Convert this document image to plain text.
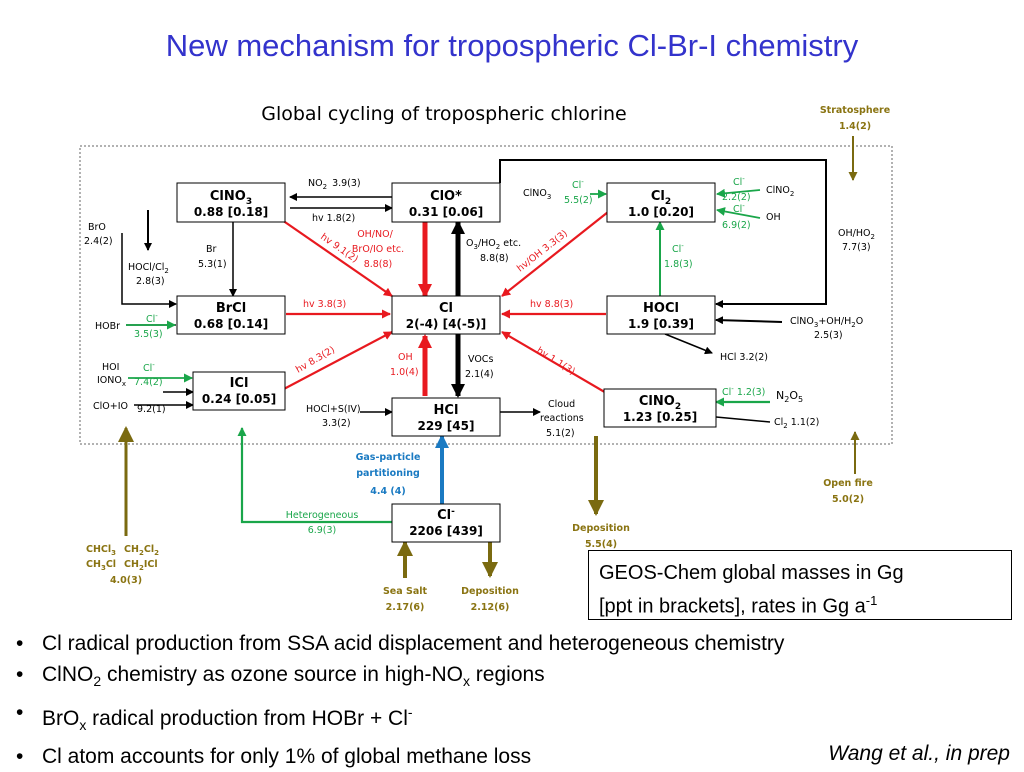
New mechanism for tropospheric Cl-Br-I chemistry
Global cycling of tropospheric chlorine
ClNO$_3$
0.88 [0.18]
ClO*
0.31 [0.06]
$Cl_2$
1.0 [0.20]
BrCl
0.68 [0.14]
Cl
2(-4) [4(-5)]
HOCl
1.9 [0.39]
ICl
0.24 [0.05]
HCl
229 [45]
ClNO$_2$
1.23 [0.25]
Cl-
2206 [439]
$NO_2$ 3.9(3)
hv 1.8(2)
BrO
2.4(2)
Br
5.3(1)
HOCl/$Cl_2$
2.8(3)
hv 9.1(2)
OH/NO/
BrO/IO etc.
8.8(8)
$O_3/HO_2$ etc.
8.8(8) hv/OH 3.3(3)
ClNO$_3$
Cl-
5.5(2)
Cl-
ClNO$_2$
2.2(2)
Cl-
OH
6.9(2)
Cl-
1.8(3)
$OH/HO_2$
7.7(3)
Stratosphere
1.4(2)
HOBr
Cl-
3.5(3)
hv 3.8(3)	hv 8.8(3)
$ClNO_3+OH/H_2O$
2.5(3)
HCl 3.2(2)
HOI
$IONO_x$
Cl-
7.4(2)
ClO+IO 9.2(1)
hv 8.3(2)	OH
1.0(4)
VOCs
2.1(4)	hv 1.1(3)
HOCl+S(IV)
3.3(2)
Cloud
reactions
5.1(2)
Cl- 1.2(3) $N_2O_5$
$Cl_2$ 1.1(2)
Gas-particle
partitioning
4.4 (4)
Heterogeneous
6.9(3)	Deposition
5.5(4)
Open fire
5.0(2)
CHCl$_3$ $CH_2Cl_2$
$CH_3Cl$ $CH_2ICl$
4.0(3)
Sea Salt
2.17(6)
Deposition
2.12(6)
GEOS-Chem global masses in Gg
[ppt in brackets], rates in Gg $a^{-1}$
• Cl radical production from SSA acid displacement and heterogeneous chemistry
• ClNO$_2$ chemistry as ozone source in high-$NO_x$ regions
• BrO$_x$ radical production from HOBr + Cl-
• Cl atom accounts for only 1% of global methane loss	Wang et al., in prep
